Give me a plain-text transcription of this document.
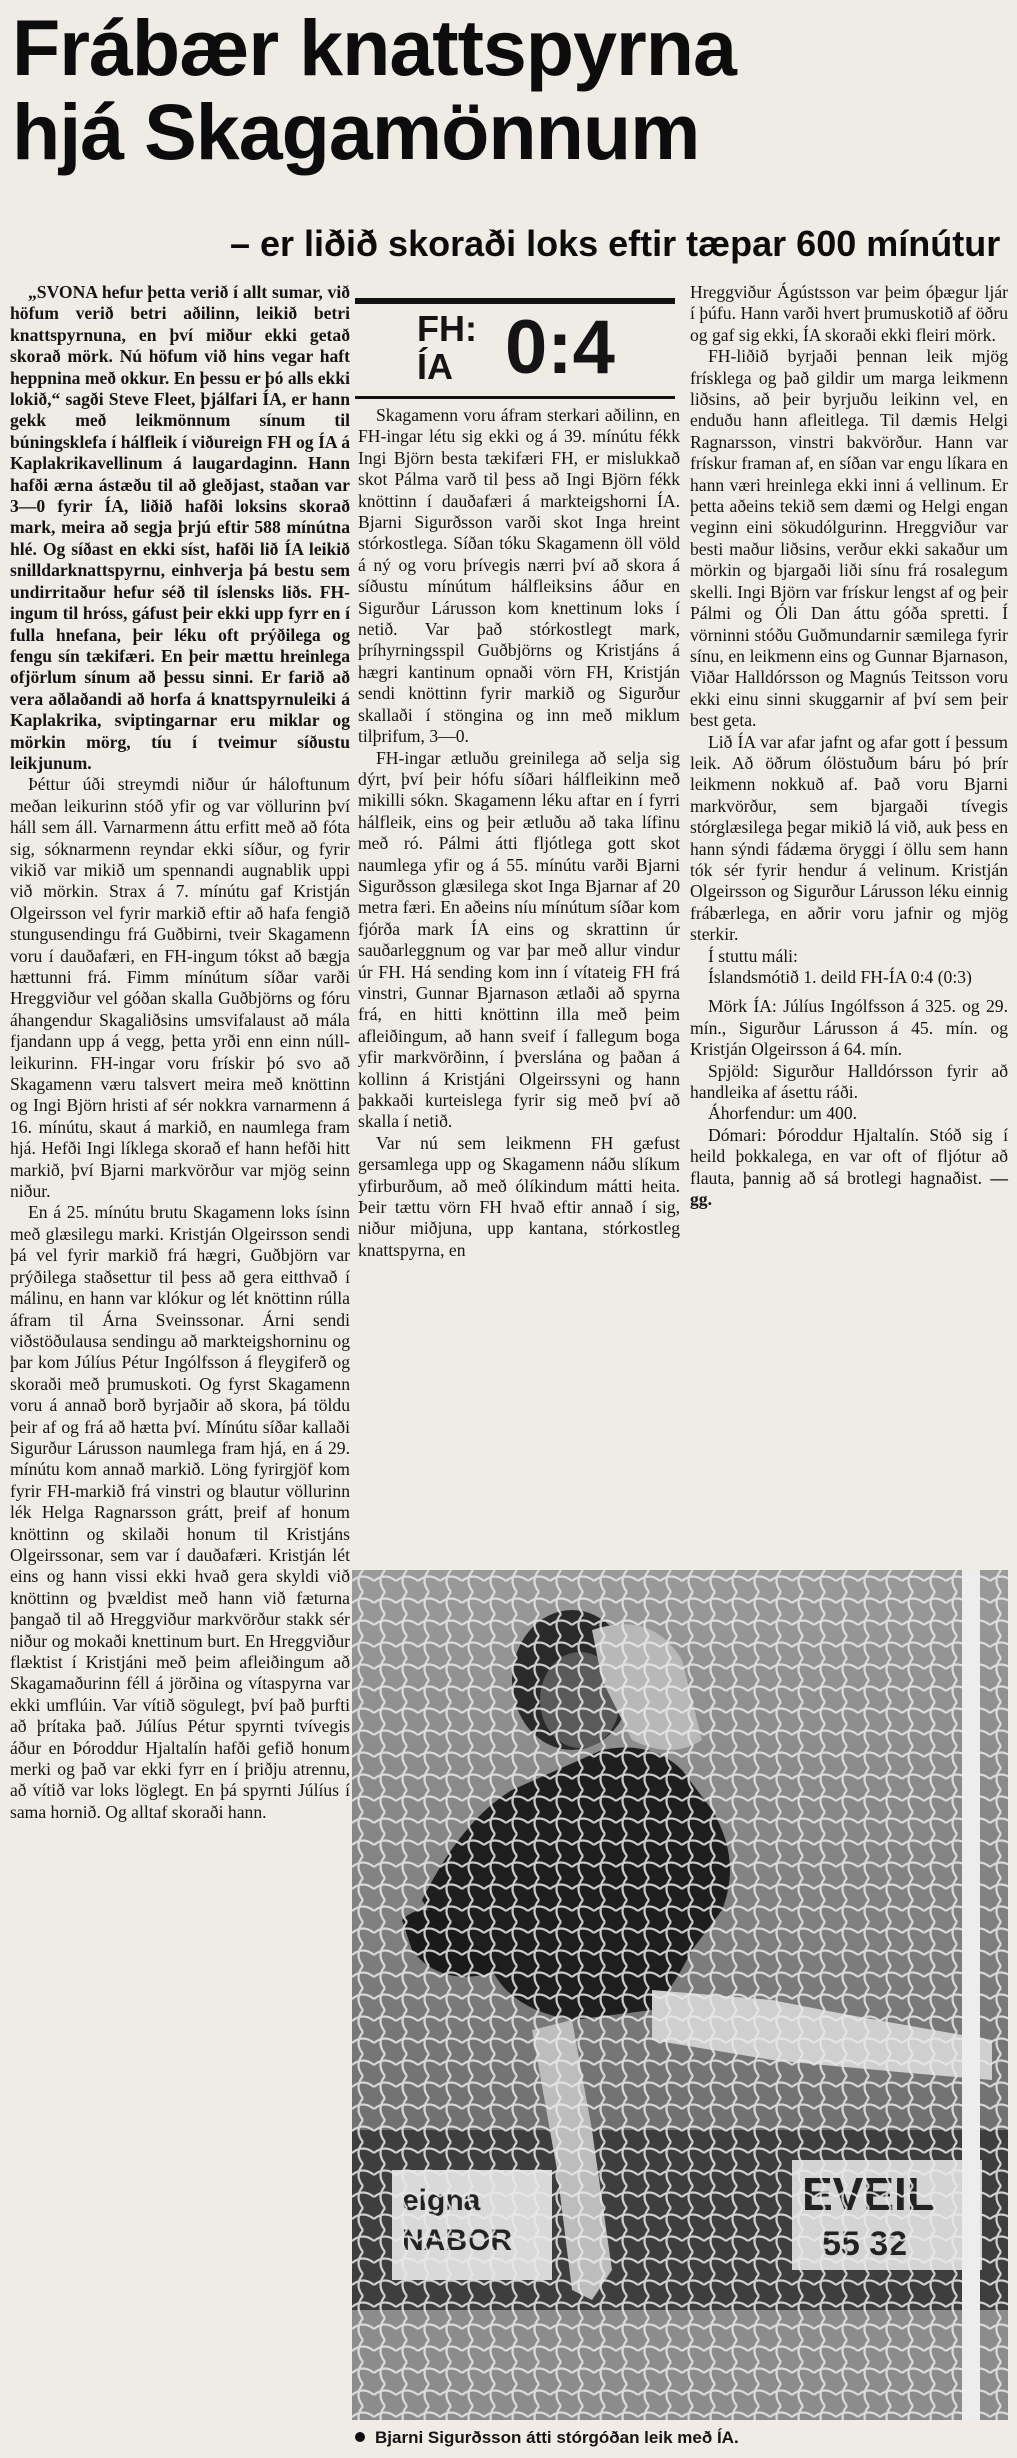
Frábær knattspyrna
hjá Skagamönnum
– er liðið skoraði loks eftir tæpar 600 mínútur
FH:
ÍA 0:4

„SVONA hefur þetta verið í allt sumar, við höfum verið betri aðilinn, leikið betri knattspyrnuna, en því miður ekki getað skorað mörk. Nú höfum við hins vegar haft heppnina með okkur. En þessu er þó alls ekki lokið,“ sagði Steve Fleet, þjálfari ÍA, er hann gekk með leikmönnum sínum til búningsklefa í hálfleik í viðureign FH og ÍA á Kaplakrikavellinum á laugardaginn. Hann hafði ærna ástæðu til að gleðjast, staðan var 3—0 fyrir ÍA, liðið hafði loksins skorað mark, meira að segja þrjú eftir 588 mínútna hlé. Og síðast en ekki síst, hafði lið ÍA leikið snilldarknattspyrnu, einhverja þá bestu sem undirritaður hefur séð til íslensks liðs. FH-ingum til hróss, gáfust þeir ekki upp fyrr en í fulla hnefana, þeir léku oft prýðilega og fengu sín tækifæri. En þeir mættu hreinlega ofjörlum sínum að þessu sinni. Er farið að vera aðlaðandi að horfa á knattspyrnuleiki á Kaplakrika, sviptingarnar eru miklar og mörkin mörg, tíu í tveimur síðustu leikjunum.

Þéttur úði streymdi niður úr háloftunum meðan leikurinn stóð yfir og var völlurinn því háll sem áll. Varnarmenn áttu erfitt með að fóta sig, sóknarmenn reyndar ekki síður, og fyrir vikið var mikið um spennandi augnablik uppi við mörkin. Strax á 7. mínútu gaf Kristján Olgeirsson vel fyrir markið eftir að hafa fengið stungusendingu frá Guðbirni, tveir Skagamenn voru í dauðafæri, en FH-ingum tókst að bægja hættunni frá. Fimm mínútum síðar varði Hreggviður vel góðan skalla Guðbjörns og fóru áhangendur Skagaliðsins umsvifalaust að mála fjandann upp á vegg, þetta yrði enn einn núll-leikurinn. FH-ingar voru frískir þó svo að Skagamenn væru talsvert meira með knöttinn og Ingi Björn hristi af sér nokkra varnarmenn á 16. mínútu, skaut á markið, en naumlega fram hjá. Hefði Ingi líklega skorað ef hann hefði hitt markið, því Bjarni markvörður var mjög seinn niður.

En á 25. mínútu brutu Skagamenn loks ísinn með glæsilegu marki. Kristján Olgeirsson sendi þá vel fyrir markið frá hægri, Guðbjörn var prýðilega staðsettur til þess að gera eitthvað í málinu, en hann var klókur og lét knöttinn rúlla áfram til Árna Sveinssonar. Árni sendi viðstöðulausa sendingu að markteigshorninu og þar kom Júlíus Pétur Ingólfsson á fleygiferð og skoraði með þrumuskoti. Og fyrst Skagamenn voru á annað borð byrjaðir að skora, þá töldu þeir af og frá að hætta því. Mínútu síðar kallaði Sigurður Lárusson naumlega fram hjá, en á 29. mínútu kom annað markið. Löng fyrirgjöf kom fyrir FH-markið frá vinstri og blautur völlurinn lék Helga Ragnarsson grátt, þreif af honum knöttinn og skilaði honum til Kristjáns Olgeirssonar, sem var í dauðafæri. Kristján lét eins og hann vissi ekki hvað gera skyldi við knöttinn og þvældist með hann við fæturna þangað til að Hreggviður markvörður stakk sér niður og mokaði knettinum burt. En Hreggviður flæktist í Kristjáni með þeim afleiðingum að Skagamaðurinn féll á jörðina og vítaspyrna var ekki umflúin. Var vítið sögulegt, því það þurfti að þrítaka það. Júlíus Pétur spyrnti tvívegis áður en Þóroddur Hjaltalín hafði gefið honum merki og það var ekki fyrr en í þriðju atrennu, að vítið var loks löglegt. En þá spyrnti Júlíus í sama hornið. Og alltaf skoraði hann.

Skagamenn voru áfram sterkari aðilinn, en FH-ingar létu sig ekki og á 39. mínútu fékk Ingi Björn besta tækifæri FH, er mislukkað skot Pálma varð til þess að Ingi Björn fékk knöttinn í dauðafæri á markteigshorni ÍA. Bjarni Sigurðsson varði skot Inga hreint stórkostlega. Síðan tóku Skagamenn öll völd á ný og voru þrívegis nærri því að skora á síðustu mínútum hálfleiksins áður en Sigurður Lárusson kom knettinum loks í netið. Var það stórkostlegt mark, þríhyrningsspil Guðbjörns og Kristjáns á hægri kantinum opnaði vörn FH, Kristján sendi knöttinn fyrir markið og Sigurður skallaði í stöngina og inn með miklum tilþrifum, 3—0.

FH-ingar ætluðu greinilega að selja sig dýrt, því þeir hófu síðari hálfleikinn með mikilli sókn. Skagamenn léku aftar en í fyrri hálfleik, eins og þeir ætluðu að taka lífinu með ró. Pálmi átti fljótlega gott skot naumlega yfir og á 55. mínútu varði Bjarni Sigurðsson glæsilega skot Inga Bjarnar af 20 metra færi. En aðeins níu mínútum síðar kom fjórða mark ÍA eins og skrattinn úr sauðarleggnum og var þar með allur vindur úr FH. Há sending kom inn í vítateig FH frá vinstri, Gunnar Bjarnason ætlaði að spyrna frá, en hitti knöttinn illa með þeim afleiðingum, að hann sveif í fallegum boga yfir markvörðinn, í þverslána og þaðan á kollinn á Kristjáni Olgeirssyni og hann þakkaði kurteislega fyrir sig með því að skalla í netið.

Var nú sem leikmenn FH gæfust gersamlega upp og Skagamenn náðu slíkum yfirburðum, að með ólíkindum mátti heita. Þeir tættu vörn FH hvað eftir annað í sig, niður miðjuna, upp kantana, stórkostleg knattspyrna, en

Hreggviður Ágústsson var þeim óþægur ljár í þúfu. Hann varði hvert þrumuskotið af öðru og gaf sig ekki, ÍA skoraði ekki fleiri mörk.

FH-liðið byrjaði þennan leik mjög frísklega og það gildir um marga leikmenn liðsins, að þeir byrjuðu leikinn vel, en enduðu hann afleitlega. Til dæmis Helgi Ragnarsson, vinstri bakvörður. Hann var frískur framan af, en síðan var engu líkara en hann væri hreinlega ekki inni á vellinum. Er þetta aðeins tekið sem dæmi og Helgi engan veginn eini sökudólgurinn. Hreggviður var besti maður liðsins, verður ekki sakaður um mörkin og bjargaði liði sínu frá rosalegum skelli. Ingi Björn var frískur lengst af og þeir Pálmi og Óli Dan áttu góða spretti. Í vörninni stóðu Guðmundarnir sæmilega fyrir sínu, en leikmenn eins og Gunnar Bjarnason, Viðar Halldórsson og Magnús Teitsson voru ekki einu sinni skuggarnir af því sem þeir best geta.

Lið ÍA var afar jafnt og afar gott í þessum leik. Að öðrum ólöstuðum báru þó þrír leikmenn nokkuð af. Það voru Bjarni markvörður, sem bjargaði tívegis stórglæsilega þegar mikið lá við, auk þess en hann sýndi fádæma öryggi í öllu sem hann tók sér fyrir hendur á velinum. Kristján Olgeirsson og Sigurður Lárusson léku einnig frábærlega, en aðrir voru jafnir og mjög sterkir.

Í stuttu máli:

Íslandsmótið 1. deild FH-ÍA 0:4 (0:3)

Mörk ÍA: Júlíus Ingólfsson á 325. og 29. mín., Sigurður Lárusson á 45. mín. og Kristján Olgeirsson á 64. mín.

Spjöld: Sigurður Halldórsson fyrir að handleika af ásettu ráði.

Áhorfendur: um 400.

Dómari: Þóroddur Hjaltalín. Stóð sig í heild þokkalega, en var oft of fljótur að flauta, þannig að sá brotlegi hagnaðist. — gg.

Bjarni Sigurðsson átti stórgóðan leik með ÍA.
